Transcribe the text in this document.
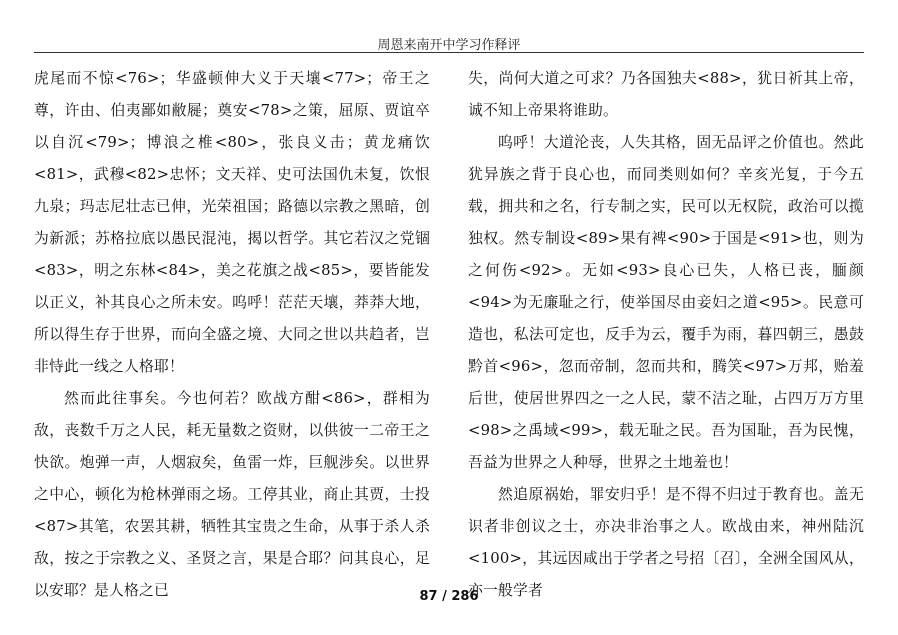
周恩来南开中学习作释评

虎尾而不惊<76>；华盛顿伸大义于天壤<77>；帝王之尊，许由、伯夷鄙如敝屣；奠安<78>之策，屈原、贾谊卒以自沉<79>；博浪之椎<80>，张良义击；黄龙痛饮<81>，武穆<82>忠怀；文天祥、史可法国仇未复，饮恨九泉；玛志尼壮志已伸，光荣祖国；路德以宗教之黑暗，创为新派；苏格拉底以愚民混沌，揭以哲学。其它若汉之党锢<83>，明之东林<84>，美之花旗之战<85>，要皆能发以正义，补其良心之所未安。呜呼！茫茫天壤，莽莽大地，所以得生存于世界，而向全盛之境、大同之世以共趋者，岂非恃此一线之人格耶！

然而此往事矣。今也何若？欧战方酣<86>，群相为敌，丧数千万之人民，耗无量数之资财，以供彼一二帝王之快欲。炮弹一声，人烟寂矣，鱼雷一炸，巨舰涉矣。以世界之中心，顿化为枪林弹雨之场。工停其业，商止其贾，士投<87>其笔，农罢其耕，牺牲其宝贵之生命，从事于杀人杀敌，按之于宗教之义、圣贤之言，果是合耶？问其良心，足以安耶？是人格之已

失，尚何大道之可求？乃各国独夫<88>，犹日祈其上帝，诚不知上帝果将谁助。

呜呼！大道沦丧，人失其格，固无品评之价值也。然此犹异族之背于良心也，而同类则如何？辛亥光复，于今五载，拥共和之名，行专制之实，民可以无权院，政治可以揽独权。然专制设<89>果有裨<90>于国是<91>也，则为之何伤<92>。无如<93>良心已失，人格已丧，腼颜<94>为无廉耻之行，使举国尽由妾妇之道<95>。民意可造也，私法可定也，反手为云，覆手为雨，暮四朝三，愚鼓黔首<96>，忽而帝制，忽而共和，腾笑<97>万邦，贻羞后世，使居世界四之一之人民，蒙不洁之耻，占四万万方里<98>之禹域<99>，载无耻之民。吾为国耻，吾为民愧，吾益为世界之人种辱，世界之土地羞也！

然追原祸始，罪安归乎！是不得不归过于教育也。盖无识者非创议之士，亦决非治事之人。欧战由来，神州陆沉<100>，其远因咸出于学者之号招〔召〕，全洲全国风从，亦一般学者

87 / 286
